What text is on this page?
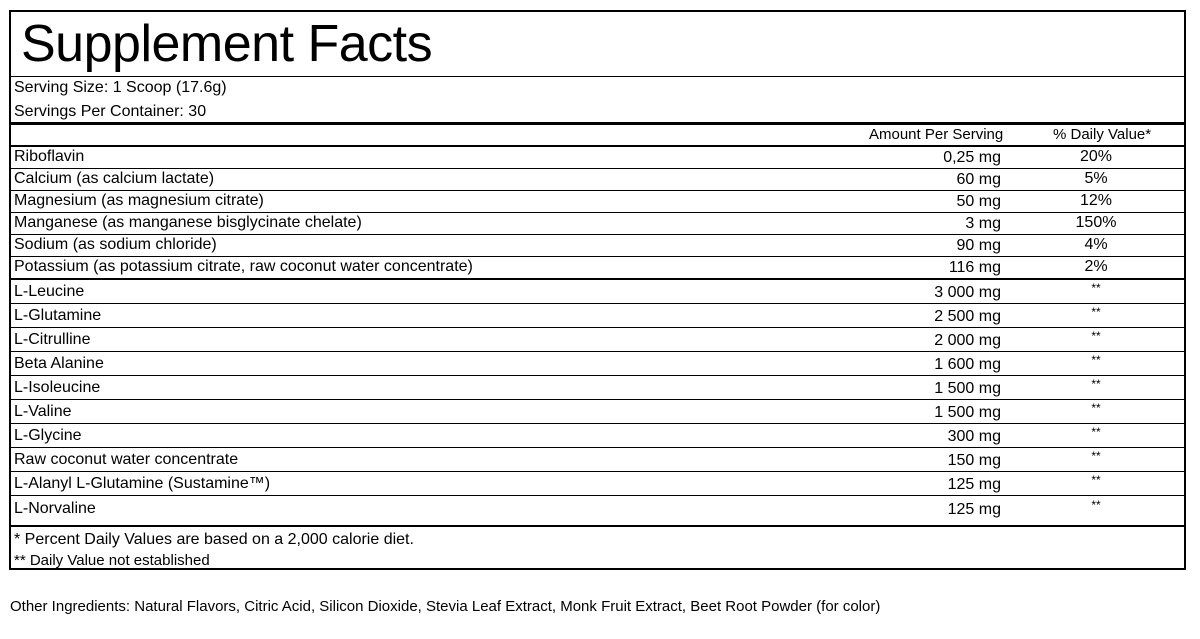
Supplement Facts
Serving Size: 1 Scoop (17.6g)
Servings Per Container: 30
Amount Per Serving	% Daily Value*
Riboflavin	0,25 mg	20%
Calcium (as calcium lactate)	60 mg	5%
Magnesium (as magnesium citrate)	50 mg	12%
Manganese (as manganese bisglycinate chelate)	3 mg	150%
Sodium (as sodium chloride)	90 mg	4%
Potassium (as potassium citrate, raw coconut water concentrate)	116 mg	2%
L-Leucine	3 000 mg	**
L-Glutamine	2 500 mg	**
L-Citrulline	2 000 mg	**
Beta Alanine	1 600 mg	**
L-Isoleucine	1 500 mg	**
L-Valine	1 500 mg	**
L-Glycine	300 mg	**
Raw coconut water concentrate	150 mg	**
L-Alanyl L-Glutamine (Sustamine™)	125 mg	**
L-Norvaline	125 mg	**
* Percent Daily Values are based on a 2,000 calorie diet.
** Daily Value not established
Other Ingredients: Natural Flavors, Citric Acid, Silicon Dioxide, Stevia Leaf Extract, Monk Fruit Extract, Beet Root Powder (for color)
